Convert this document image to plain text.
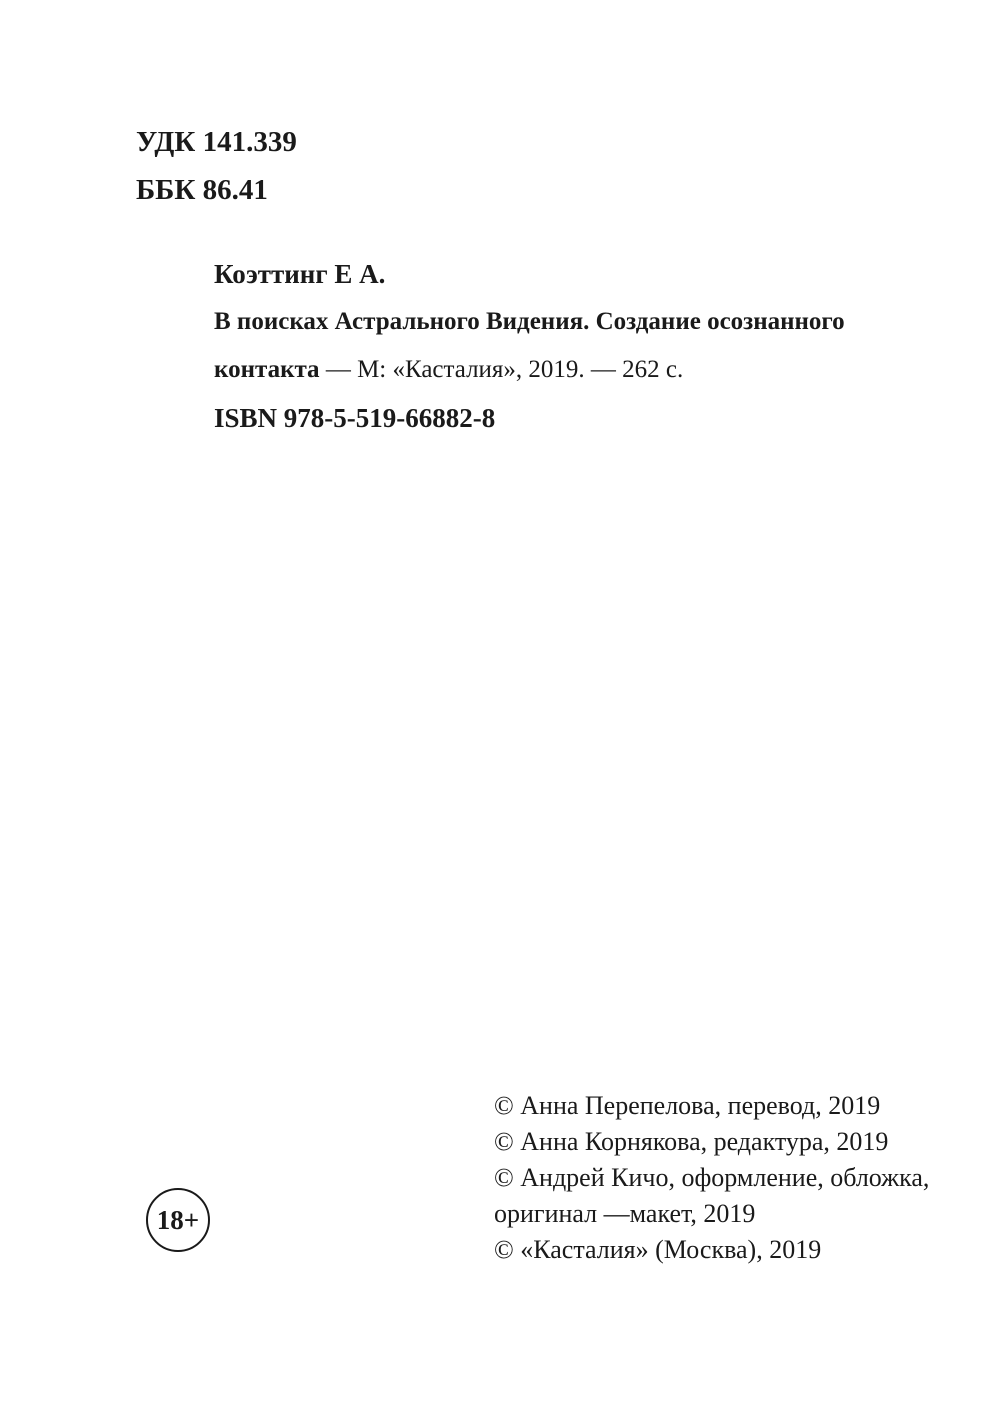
УДК 141.339
ББК 86.41
Коэттинг Е А.
В поисках Астрального Видения. Создание осознанного
контакта — М: «Касталия», 2019. — 262 с.
ISBN 978-5-519-66882-8
© Анна Перепелова, перевод, 2019
© Анна Корнякова, редактура, 2019
© Андрей Кичо, оформление, обложка,
оригинал —макет, 2019
© «Касталия» (Москва), 2019
18+
